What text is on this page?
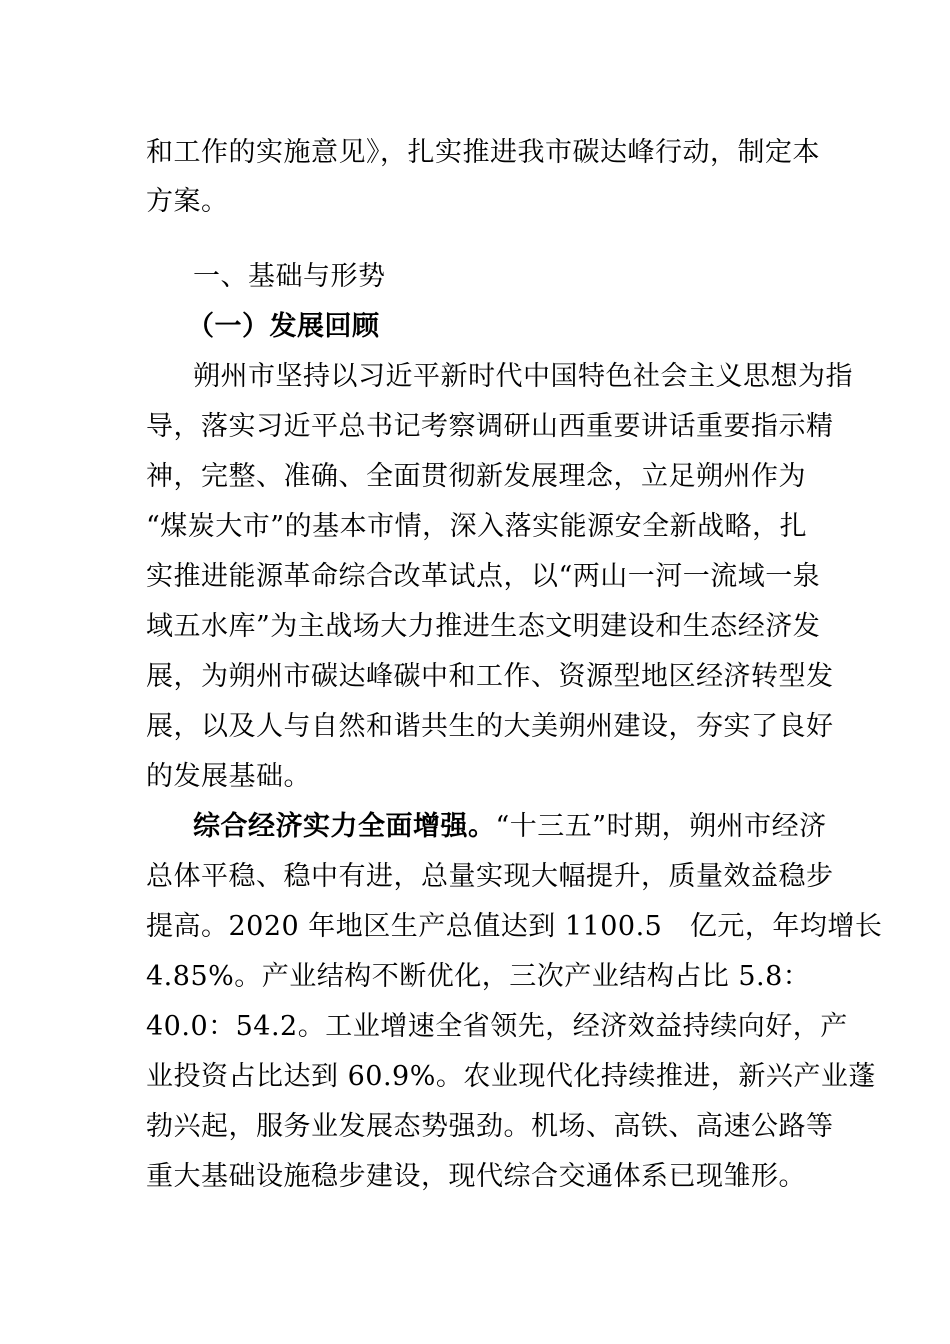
和工作的实施意见》，扎实推进我市碳达峰行动，制定本
方案。
一、基础与形势
（一）发展回顾
朔州市坚持以习近平新时代中国特色社会主义思想为指
导，落实习近平总书记考察调研山西重要讲话重要指示精
神，完整、准确、全面贯彻新发展理念，立足朔州作为
“煤炭大市”的基本市情，深入落实能源安全新战略，扎
实推进能源革命综合改革试点，以“两山一河一流域一泉
域五水库”为主战场大力推进生态文明建设和生态经济发
展，为朔州市碳达峰碳中和工作、资源型地区经济转型发
展，以及人与自然和谐共生的大美朔州建设，夯实了良好
的发展基础。
综合经济实力全面增强。“十三五”时期，朔州市经济
总体平稳、稳中有进，总量实现大幅提升，质量效益稳步
提高。2020 年地区生产总值达到 1100.5　亿元，年均增长
4.85%。产业结构不断优化，三次产业结构占比 5.8：
40.0：54.2。工业增速全省领先，经济效益持续向好，产
业投资占比达到 60.9%。农业现代化持续推进，新兴产业蓬
勃兴起，服务业发展态势强劲。机场、高铁、高速公路等
重大基础设施稳步建设，现代综合交通体系已现雏形。
